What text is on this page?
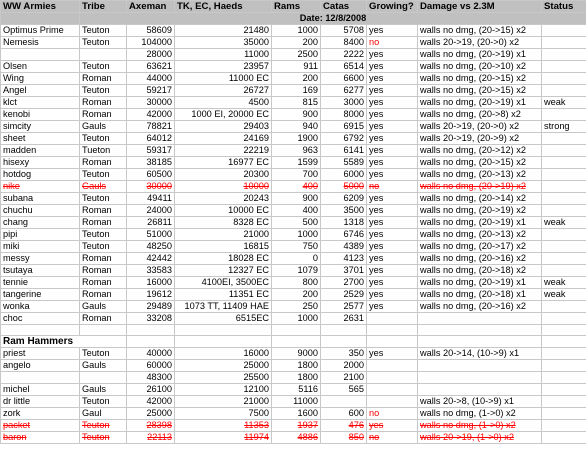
WW Armies	Tribe	Axeman	TK, EC, Haeds	Rams	Catas	Growing?	Damage vs 2.3M	Status
	Date: 12/8/2008							
Optimus Prime	Teuton	58609	21480	1000	5708	yes	walls no dmg, (20->15) x2	
Nemesis	Teuton	104000	35000	200	8400	no	walls 20->19, (20->0) x2	
		28000	11000	2500	2222	yes	walls no dmg, (20->19) x1	
Olsen	Teuton	63621	23957	911	6514	yes	walls no dmg, (20->10) x2	
Wing	Roman	44000	11000 EC	200	6600	yes	walls no dmg, (20->15) x2	
Angel	Teuton	59217	26727	169	6277	yes	walls no dmg, (20->15) x2	
klct	Roman	30000	4500	815	3000	yes	walls no dmg, (20->19) x1	weak
kenobi	Roman	42000	1000 EI, 20000 EC	900	8000	yes	walls no dmg, (20->8) x2	
simcity	Gauls	78821	29403	940	6915	yes	walls 20->19, (20->0) x2	strong
sheet	Teuton	64012	24169	1900	6792	yes	walls 20->19, (20->9) x2	
madden	Tueton	59317	22219	963	6141	yes	walls no dmg, (20->12) x2	
hisexy	Roman	38185	16977 EC	1599	5589	yes	walls no dmg, (20->15) x2	
hotdog	Teuton	60500	20300	700	6000	yes	walls no dmg, (20->13) x2	
nike	Gauls	30000	10000	400	5000	no	walls no dmg, (20->19) x2	
subana	Teuton	49411	20243	900	6209	yes	walls no dmg, (20->14) x2	
chuchu	Roman	24000	10000 EC	400	3500	yes	walls no dmg, (20->19) x2	
chang	Roman	26811	8328 EC	500	1318	yes	walls no dmg, (20->19) x1	weak
pipi	Teuton	51000	21000	1000	6746	yes	walls no dmg, (20->13) x2	
miki	Teuton	48250	16815	750	4389	yes	walls no dmg, (20->17) x2	
messy	Roman	42442	18028 EC	0	4123	yes	walls no dmg, (20->16) x2	
tsutaya	Roman	33583	12327 EC	1079	3701	yes	walls no dmg, (20->18) x2	
tennie	Roman	16000	4100EI, 3500EC	800	2700	yes	walls no dmg, (20->19) x1	weak
tangerine	Roman	19612	11351 EC	200	2529	yes	walls no dmg, (20->18) x1	weak
wonka	Gauls	29489	1073 TT, 11409 HAE	250	2577	yes	walls no dmg, (20->16) x2	
choc	Roman	33208	6515EC	1000	2631			

Ram Hammers								
priest	Teuton	40000	16000	9000	350	yes	walls 20->14, (10->9) x1	
angelo	Gauls	60000	25000	1800	2000			
		48300	25500	1800	2100			
michel	Gauls	26100	12100	5116	565			
dr little	Teuton	42000	21000	11000			walls 20->8, (10->9) x1	
zork	Gaul	25000	7500	1600	600	no	walls no dmg, (1->0) x2	
packet	Teuton	28398	11353	1937	476	yes	walls no dmg, (1->0) x2	
baron	Teuton	22113	11974	4886	850	no	walls 20->19, (1->0) x2	
